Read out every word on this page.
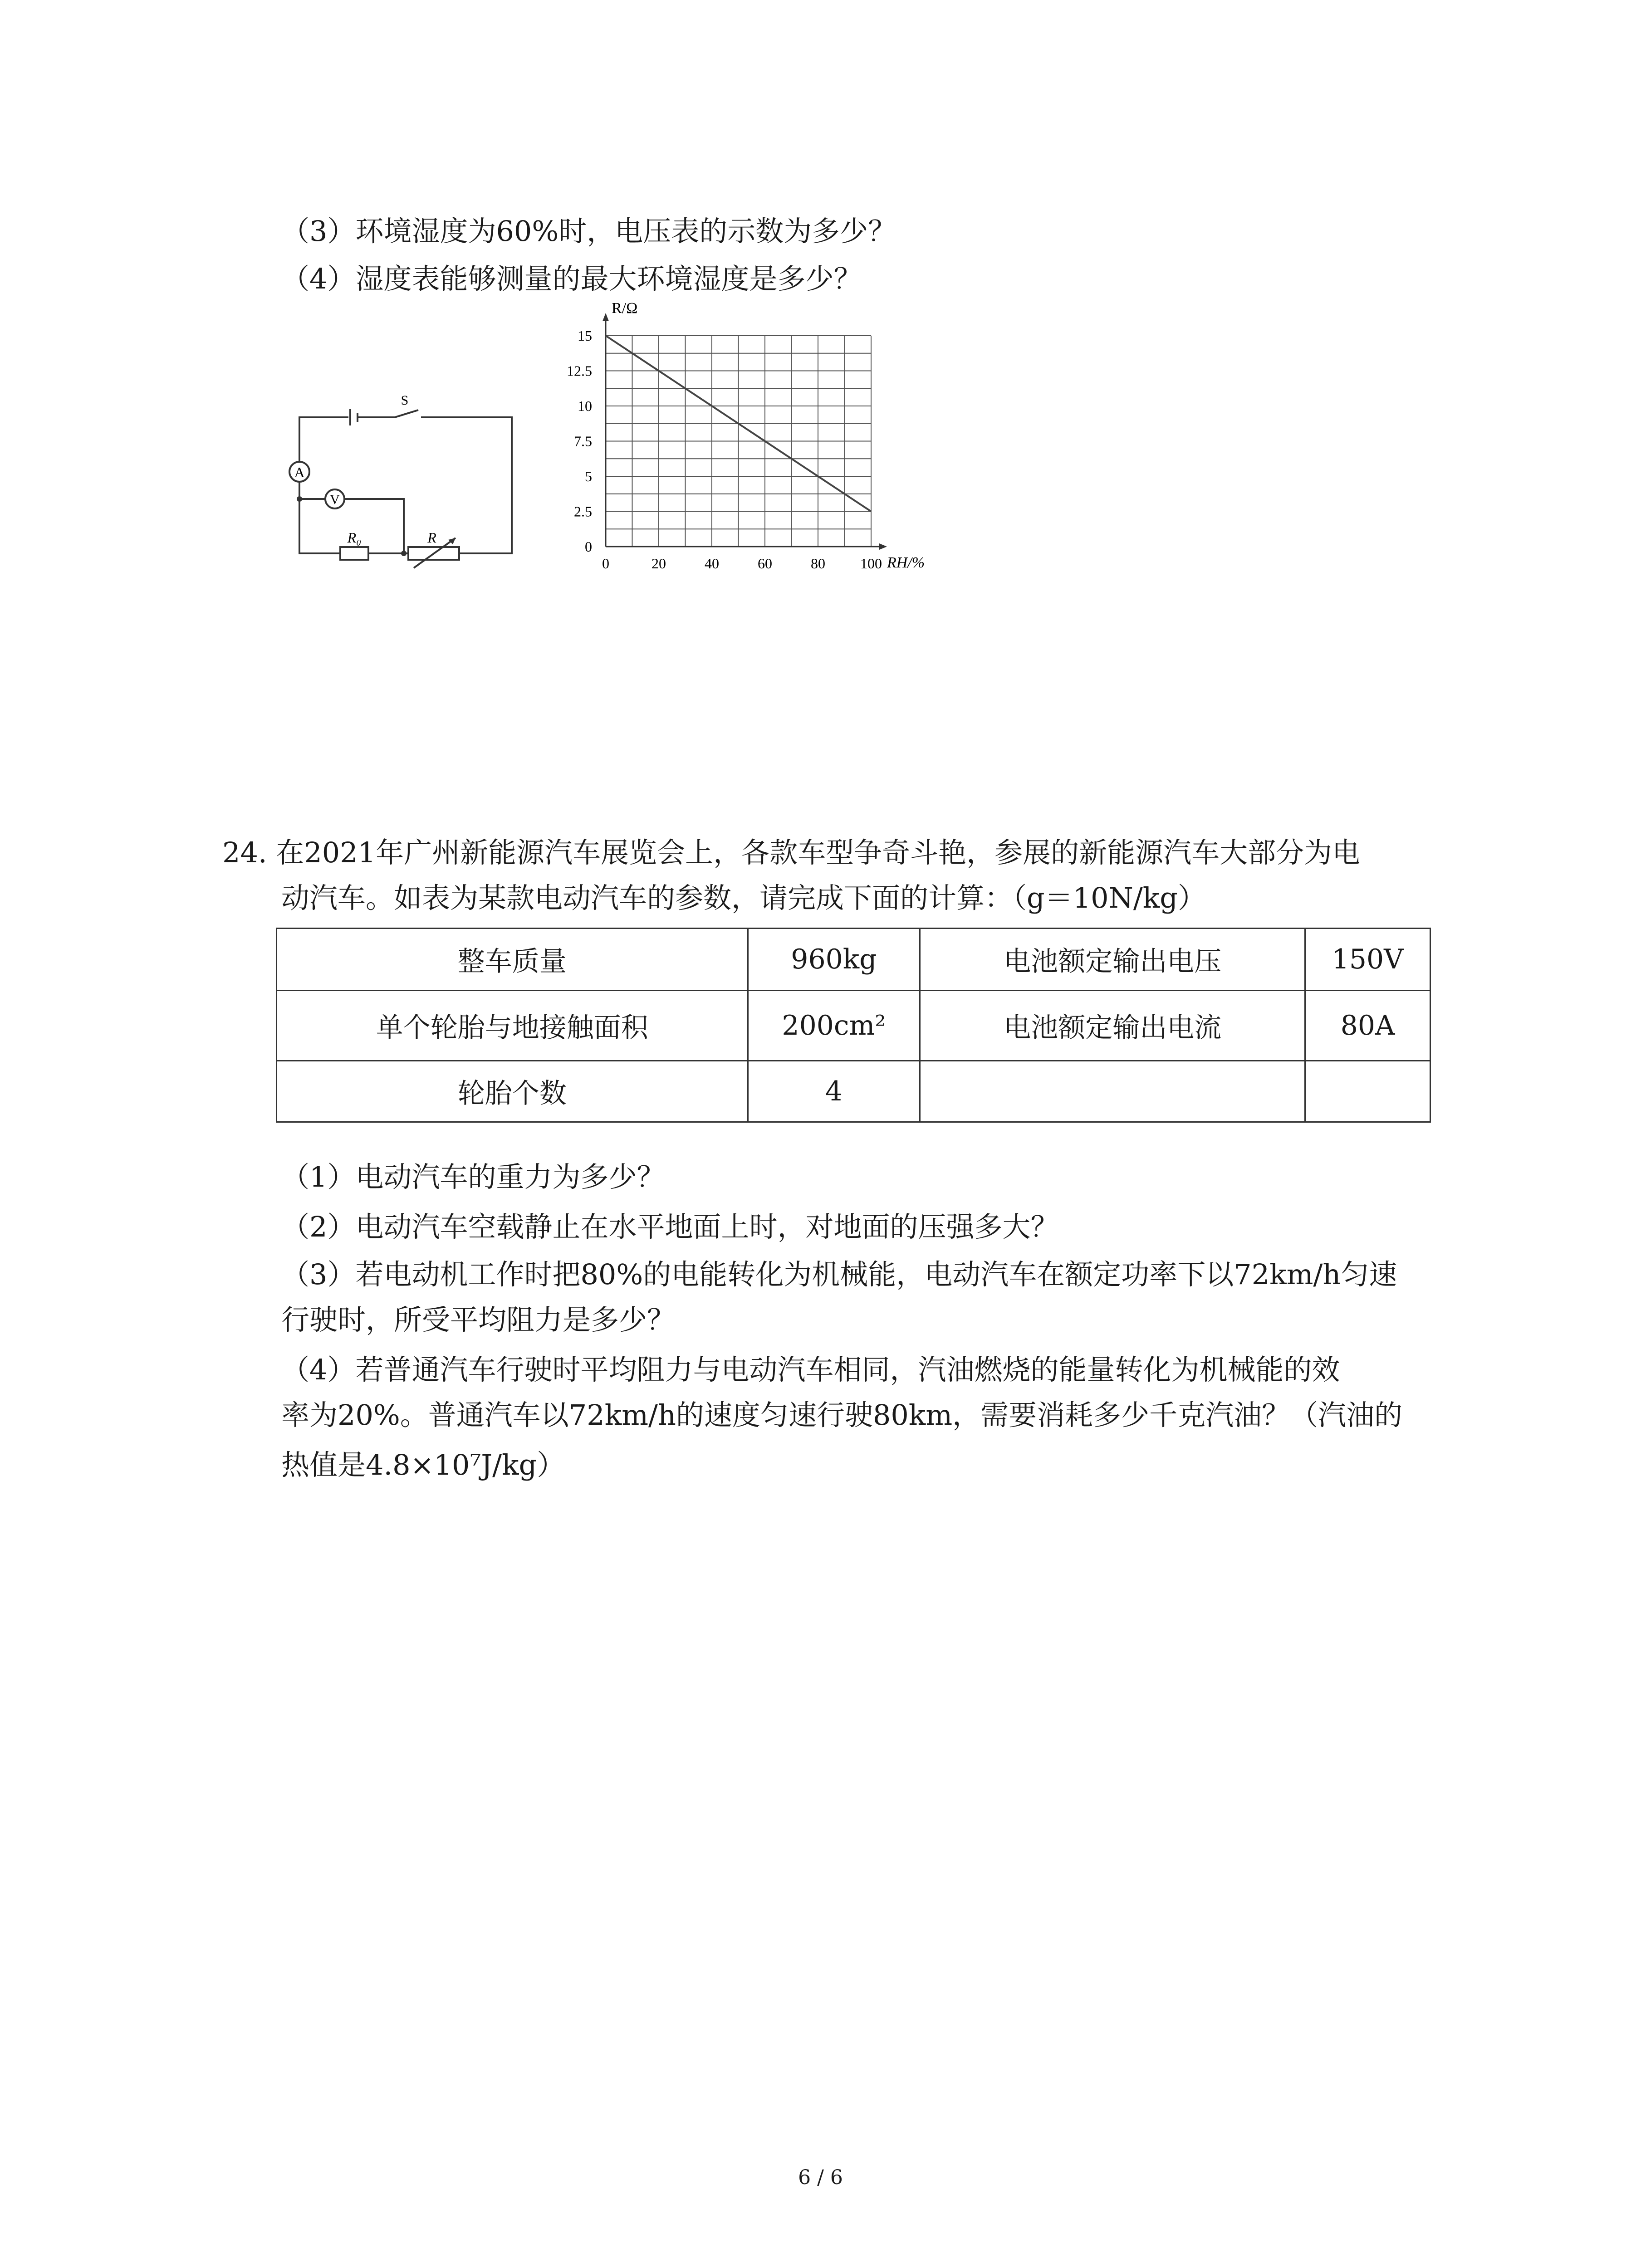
（3）环境湿度为60%时，电压表的示数为多少？
（4）湿度表能够测量的最大环境湿度是多少？
A
V
S
R₀	R
0	20	40	60	80 100
0
2.5
5
7.5
10
12.5
15
R/Ω
RH/%
24. 在2021年广州新能源汽车展览会上，各款车型争奇斗艳，参展的新能源汽车大部分为电
动汽车。如表为某款电动汽车的参数，请完成下面的计算：（g＝10N/kg）
整车质量	960kg	电池额定输出电压	150V
单个轮胎与地接触面积	200cm²	电池额定输出电流	80A
轮胎个数	4		
（1）电动汽车的重力为多少？
（2）电动汽车空载静止在水平地面上时，对地面的压强多大？
（3）若电动机工作时把80%的电能转化为机械能，电动汽车在额定功率下以72km/h匀速
行驶时，所受平均阻力是多少？
（4）若普通汽车行驶时平均阻力与电动汽车相同，汽油燃烧的能量转化为机械能的效
率为20%。普通汽车以72km/h的速度匀速行驶80km，需要消耗多少千克汽油？（汽油的
热值是4.8×10⁷J/kg）
6 / 6
